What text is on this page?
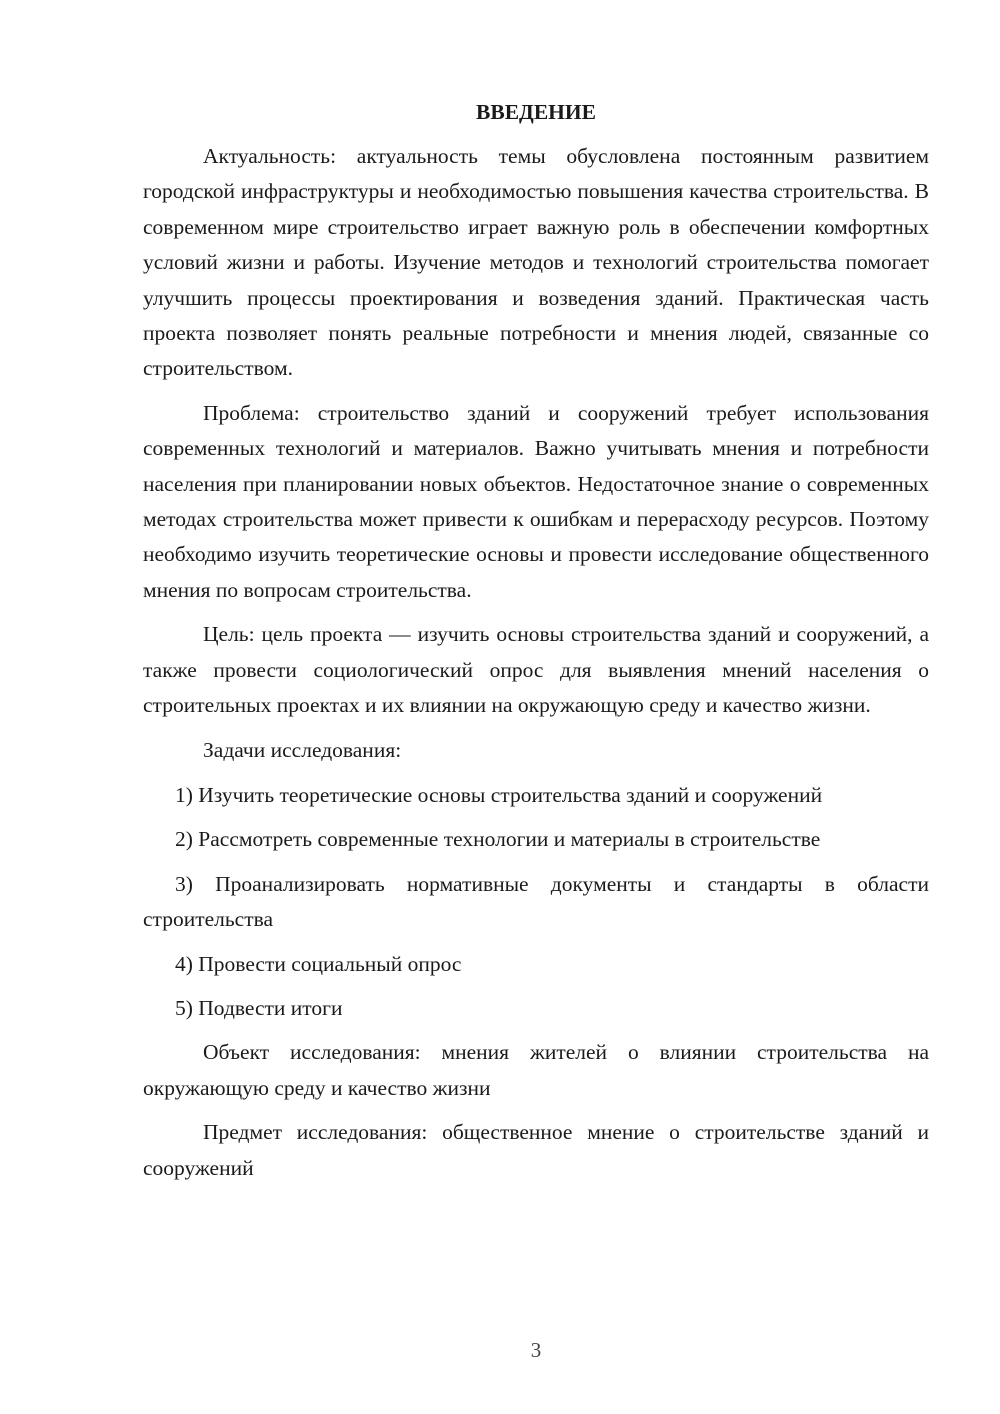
ВВЕДЕНИЕ

Актуальность: актуальность темы обусловлена постоянным развитием городской инфраструктуры и необходимостью повышения качества строительства. В современном мире строительство играет важную роль в обеспечении комфортных условий жизни и работы. Изучение методов и технологий строительства помогает улучшить процессы проектирования и возведения зданий. Практическая часть проекта позволяет понять реальные потребности и мнения людей, связанные со строительством.

Проблема: строительство зданий и сооружений требует использования современных технологий и материалов. Важно учитывать мнения и потребности населения при планировании новых объектов. Недостаточное знание о современных методах строительства может привести к ошибкам и перерасходу ресурсов. Поэтому необходимо изучить теоретические основы и провести исследование общественного мнения по вопросам строительства.

Цель: цель проекта — изучить основы строительства зданий и сооружений, а также провести социологический опрос для выявления мнений населения о строительных проектах и их влиянии на окружающую среду и качество жизни.

Задачи исследования:

1) Изучить теоретические основы строительства зданий и сооружений

2) Рассмотреть современные технологии и материалы в строительстве

3) Проанализировать нормативные документы и стандарты в области строительства

4) Провести социальный опрос

5) Подвести итоги

Объект исследования: мнения жителей о влиянии строительства на окружающую среду и качество жизни

Предмет исследования: общественное мнение о строительстве зданий и сооружений

3
